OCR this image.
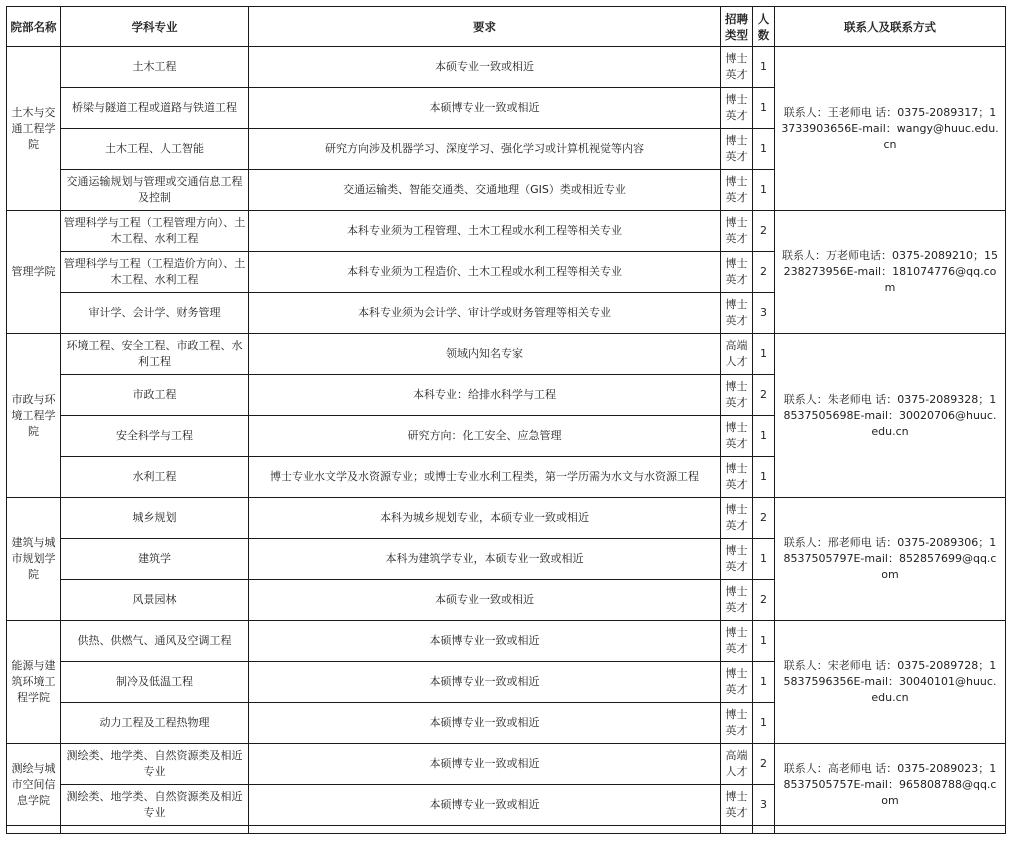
院部名称	学科专业	要求	招聘类型	人数	联系人及联系方式
土木与交通工程学院	土木工程	本硕专业一致或相近	博士英才	1	联系人：王老师电 话：0375-2089317；13733903656E-mail：wangy@huuc.edu.cn
	桥梁与隧道工程或道路与铁道工程	本硕博专业一致或相近	博士英才	1	
	土木工程、人工智能	研究方向涉及机器学习、深度学习、强化学习或计算机视觉等内容	博士英才	1	
	交通运输规划与管理或交通信息工程及控制	交通运输类、智能交通类、交通地理（GIS）类或相近专业	博士英才	1	
管理学院	管理科学与工程（工程管理方向）、土木工程、水利工程	本科专业须为工程管理、土木工程或水利工程等相关专业	博士英才	2	联系人：万老师电话：0375-2089210；15238273956E-mail：181074776@qq.com
	管理科学与工程（工程造价方向）、土木工程、水利工程	本科专业须为工程造价、土木工程或水利工程等相关专业	博士英才	2	
	审计学、会计学、财务管理	本科专业须为会计学、审计学或财务管理等相关专业	博士英才	3	
市政与环境工程学院	环境工程、安全工程、市政工程、水利工程	领域内知名专家	高端人才	1	联系人：朱老师电 话：0375-2089328；18537505698E-mail：30020706@huuc.edu.cn
	市政工程	本科专业：给排水科学与工程	博士英才	2	
	安全科学与工程	研究方向：化工安全、应急管理	博士英才	1	
	水利工程	博士专业水文学及水资源专业；或博士专业水利工程类，第一学历需为水文与水资源工程	博士英才	1	
建筑与城市规划学院	城乡规划	本科为城乡规划专业，本硕专业一致或相近	博士英才	2	联系人：邢老师电 话：0375-2089306；18537505797E-mail：852857699@qq.com
	建筑学	本科为建筑学专业，本硕专业一致或相近	博士英才	1	
	风景园林	本硕专业一致或相近	博士英才	2	
能源与建筑环境工程学院	供热、供燃气、通风及空调工程	本硕博专业一致或相近	博士英才	1	联系人：宋老师电 话：0375-2089728；15837596356E-mail：30040101@huuc.edu.cn
	制冷及低温工程	本硕博专业一致或相近	博士英才	1	
	动力工程及工程热物理	本硕博专业一致或相近	博士英才	1	
测绘与城市空间信息学院	测绘类、地学类、自然资源类及相近专业	本硕博专业一致或相近	高端人才	2	联系人：高老师电 话：0375-2089023；18537505757E-mail：965808788@qq.com
	测绘类、地学类、自然资源类及相近专业	本硕博专业一致或相近	博士英才	3	
